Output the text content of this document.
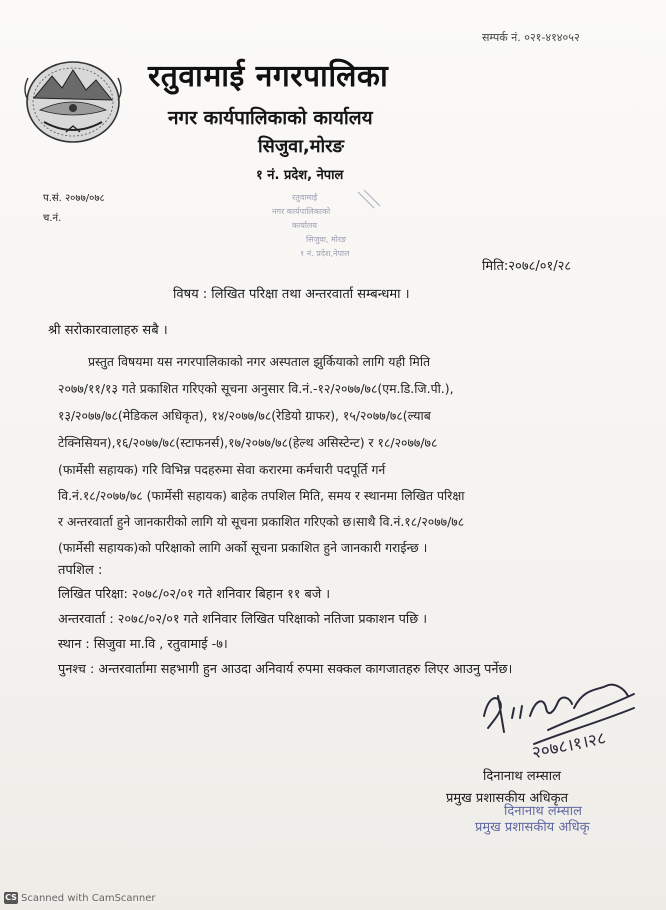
सम्पर्क नं. ०२१-४१४०५२
रतुवामाई नगरपालिका
नगर कार्यपालिकाको कार्यालय
सिजुवा,मोरङ
१ नं. प्रदेश, नेपाल
प.सं. २०७७/०७८
च.नं.
रतुवामाई
नगर कार्यपालिकाको
कार्यालय
सिजुवा, मोरङ
१ नं. प्रदेश,नेपाल
मिति:२०७८/०१/२८
विषय : लिखित परिक्षा तथा अन्तरवार्ता सम्बन्धमा ।
श्री सरोकारवालाहरु सबै ।
प्रस्तुत विषयमा यस नगरपालिकाको नगर अस्पताल झुर्कियाको लागि यही मिति
२०७७/११/१३ गते प्रकाशित गरिएको सूचना अनुसार वि.नं.-१२/२०७७/७८(एम.डि.जि.पी.),
१३/२०७७/७८(मेडिकल अधिकृत), १४/२०७७/७८(रेडियो ग्राफर), १५/२०७७/७८(ल्याब
टेक्निसियन),१६/२०७७/७८(स्टाफनर्स),१७/२०७७/७८(हेल्थ असिस्टेन्ट) र १८/२०७७/७८
(फार्मेसी सहायक) गरि विभिन्न पदहरुमा सेवा करारमा कर्मचारी पदपूर्ति गर्न
वि.नं.१८/२०७७/७८ (फार्मेसी सहायक) बाहेक तपशिल मिति, समय र स्थानमा लिखित परिक्षा
र अन्तरवार्ता हुने जानकारीको लागि यो सूचना प्रकाशित गरिएको छ।साथै वि.नं.१८/२०७७/७८
(फार्मेसी सहायक)को परिक्षाको लागि अर्को सूचना प्रकाशित हुने जानकारी गराईन्छ ।
तपशिल :
लिखित परिक्षा: २०७८/०२/०१ गते शनिवार बिहान ११ बजे ।
अन्तरवार्ता : २०७८/०२/०१ गते शनिवार लिखित परिक्षाको नतिजा प्रकाशन पछि ।
स्थान : सिजुवा मा.वि , रतुवामाई -७।
पुनश्च : अन्तरवार्तामा सहभागी हुन आउदा अनिवार्य रुपमा सक्कल कागजातहरु लिएर आउनु पर्नेछ।
२०७८।१।२८
दिनानाथ लम्साल
प्रमुख प्रशासकीय अधिकृत
दिनानाथ लम्साल
प्रमुख प्रशासकीय अधिकृ
CS Scanned with CamScanner
